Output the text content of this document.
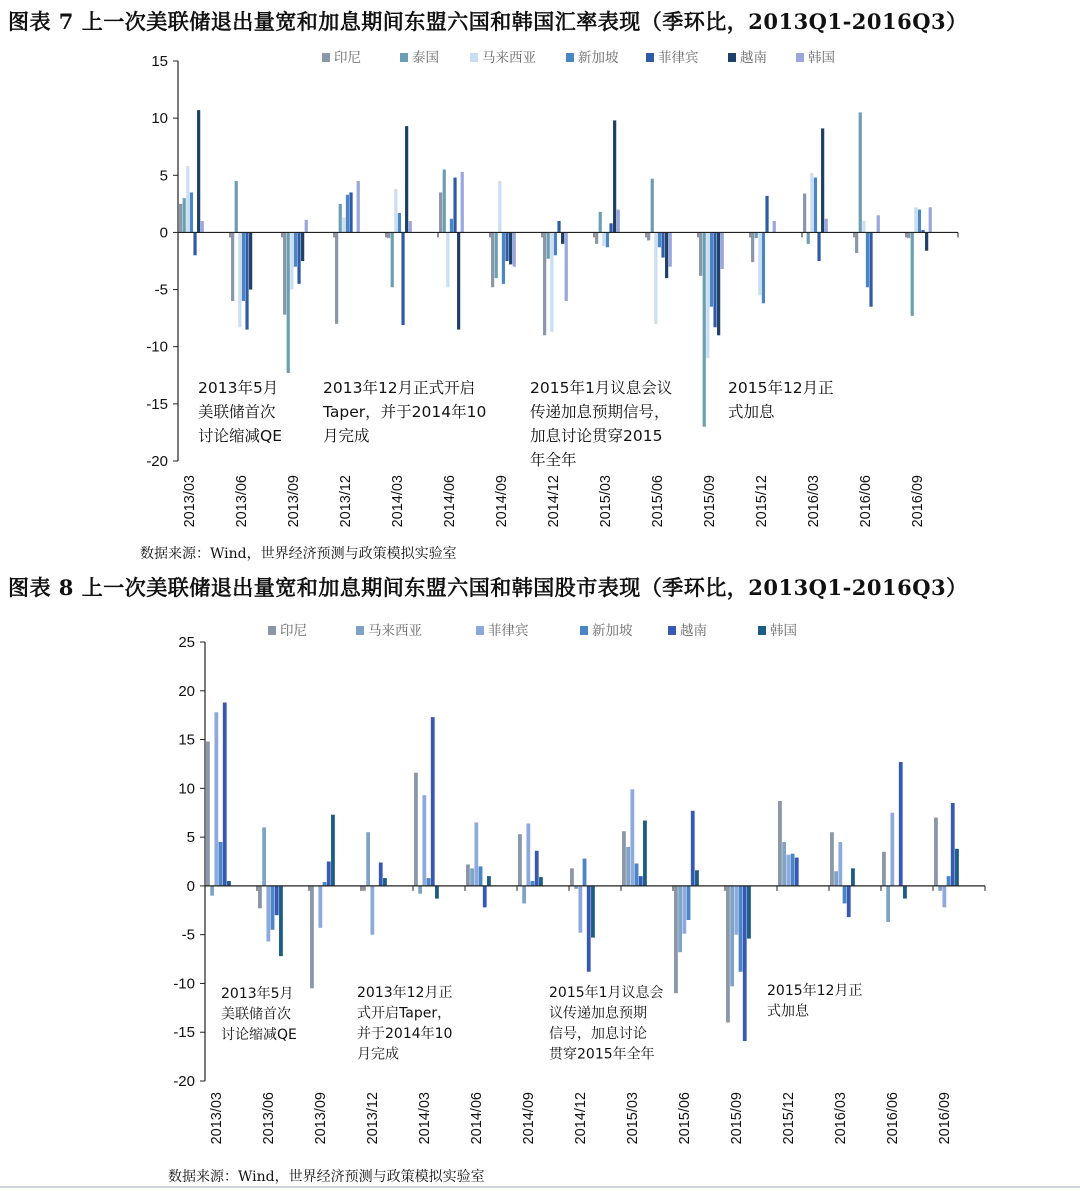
图表 7 上一次美联储退出量宽和加息期间东盟六国和韩国汇率表现（季环比，2013Q1-2016Q3）
-20
-15
-10
-5
0
5
10
15
2013/03 2013/06 2013/09 2013/12 2014/03 2014/06 2014/09 2014/12 2015/03 2015/06 2015/09 2015/12 2016/03 2016/06 2016/09
印尼	泰国	马来西亚	新加坡	菲律宾	越南	韩国
2013年5月美联储首次讨论缩减QE
2013年12月正式开启 Taper，并于2014年10 月完成
2015年1月议息会议传递加息预期信号，加息讨论贯穿2015 年全年
2015年12月正式加息
数据来源：Wind，世界经济预测与政策模拟实验室
图表 8 上一次美联储退出量宽和加息期间东盟六国和韩国股市表现（季环比，2013Q1-2016Q3）
-20
-15
-10
-5
0
5
10
15
20
25
2013/03 2013/06 2013/09 2013/12 2014/03 2014/06 2014/09 2014/12 2015/03 2015/06 2015/09 2015/12 2016/03 2016/06 2016/09
印尼	马来西亚	菲律宾	新加坡	越南	韩国
2013年5月美联储首次讨论缩减QE
2013年12月正式开启Taper，并于2014年10 月完成
2015年1月议息会议传递加息预期信号，加息讨论贯穿2015年全年
2015年12月正式加息
数据来源：Wind，世界经济预测与政策模拟实验室
